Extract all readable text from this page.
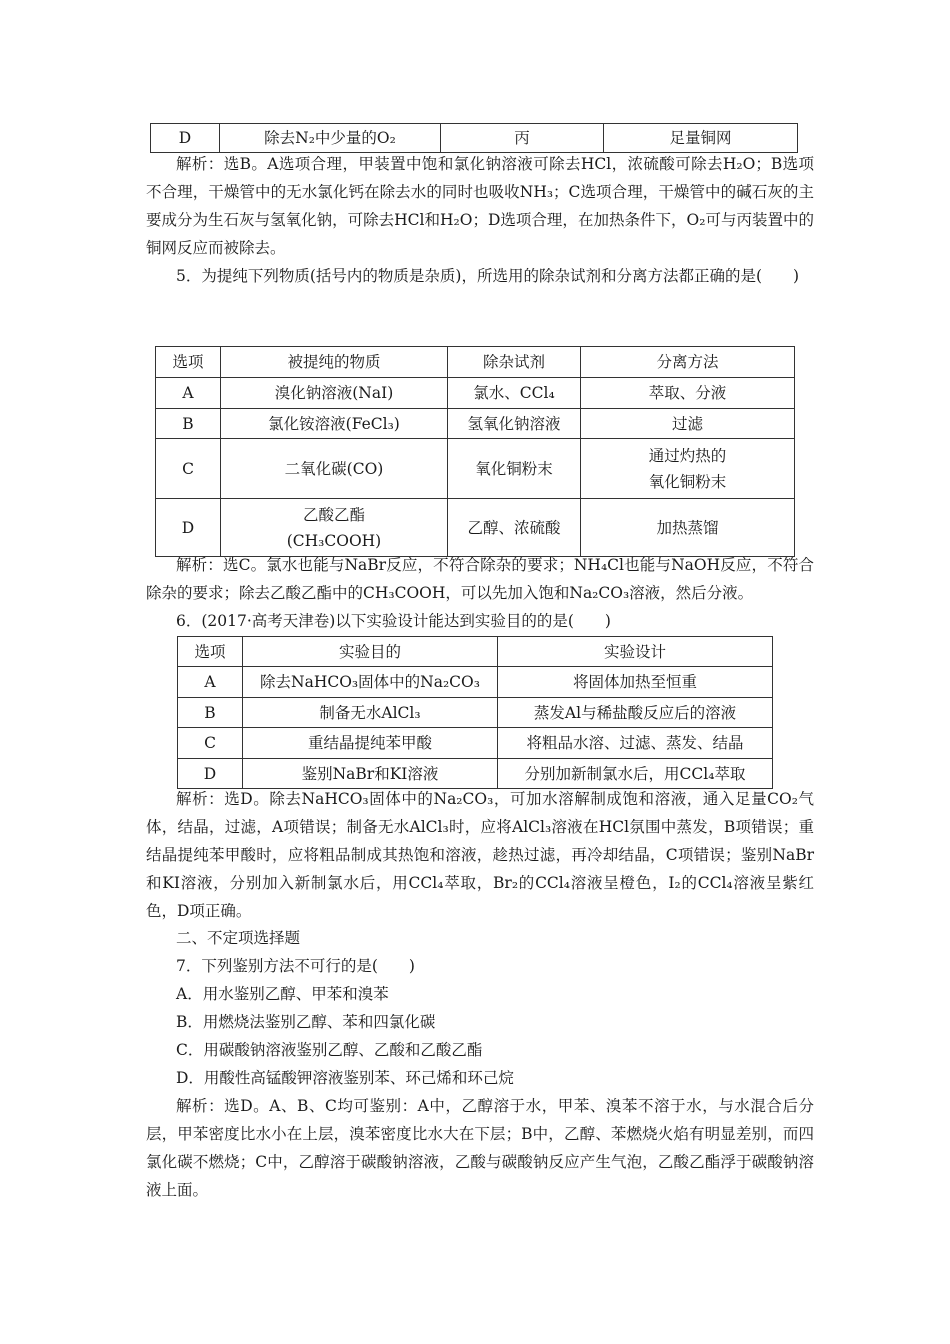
D	除去N₂中少量的O₂	丙	足量铜网
解析：选B。A选项合理，甲装置中饱和氯化钠溶液可除去HCl，浓硫酸可除去H₂O；B选项不合理，干燥管中的无水氯化钙在除去水的同时也吸收NH₃；C选项合理，干燥管中的碱石灰的主要成分为生石灰与氢氧化钠，可除去HCl和H₂O；D选项合理，在加热条件下，O₂可与丙装置中的铜网反应而被除去。
5．为提纯下列物质(括号内的物质是杂质)，所选用的除杂试剂和分离方法都正确的是(　　)
选项	被提纯的物质	除杂试剂	分离方法
A	溴化钠溶液(NaI)	氯水、CCl₄	萃取、分液
B	氯化铵溶液(FeCl₃)	氢氧化钠溶液	过滤
C	二氧化碳(CO)	氧化铜粉末	通过灼热的
氧化铜粉末
D	乙酸乙酯
(CH₃COOH)	乙醇、浓硫酸	加热蒸馏
解析：选C。氯水也能与NaBr反应，不符合除杂的要求；NH₄Cl也能与NaOH反应，不符合除杂的要求；除去乙酸乙酯中的CH₃COOH，可以先加入饱和Na₂CO₃溶液，然后分液。
6．(2017·高考天津卷)以下实验设计能达到实验目的的是(　　)
选项	实验目的	实验设计
A	除去NaHCO₃固体中的Na₂CO₃	将固体加热至恒重
B	制备无水AlCl₃	蒸发Al与稀盐酸反应后的溶液
C	重结晶提纯苯甲酸	将粗品水溶、过滤、蒸发、结晶
D	鉴别NaBr和KI溶液	分别加新制氯水后，用CCl₄萃取
解析：选D。除去NaHCO₃固体中的Na₂CO₃，可加水溶解制成饱和溶液，通入足量CO₂气体，结晶，过滤，A项错误；制备无水AlCl₃时，应将AlCl₃溶液在HCl氛围中蒸发，B项错误；重结晶提纯苯甲酸时，应将粗品制成其热饱和溶液，趁热过滤，再冷却结晶，C项错误；鉴别NaBr和KI溶液，分别加入新制氯水后，用CCl₄萃取，Br₂的CCl₄溶液呈橙色，I₂的CCl₄溶液呈紫红色，D项正确。
二、不定项选择题
7．下列鉴别方法不可行的是(　　)
A．用水鉴别乙醇、甲苯和溴苯
B．用燃烧法鉴别乙醇、苯和四氯化碳
C．用碳酸钠溶液鉴别乙醇、乙酸和乙酸乙酯
D．用酸性高锰酸钾溶液鉴别苯、环己烯和环己烷
解析：选D。A、B、C均可鉴别：A中，乙醇溶于水，甲苯、溴苯不溶于水，与水混合后分层，甲苯密度比水小在上层，溴苯密度比水大在下层；B中，乙醇、苯燃烧火焰有明显差别，而四氯化碳不燃烧；C中，乙醇溶于碳酸钠溶液，乙酸与碳酸钠反应产生气泡，乙酸乙酯浮于碳酸钠溶液上面。
